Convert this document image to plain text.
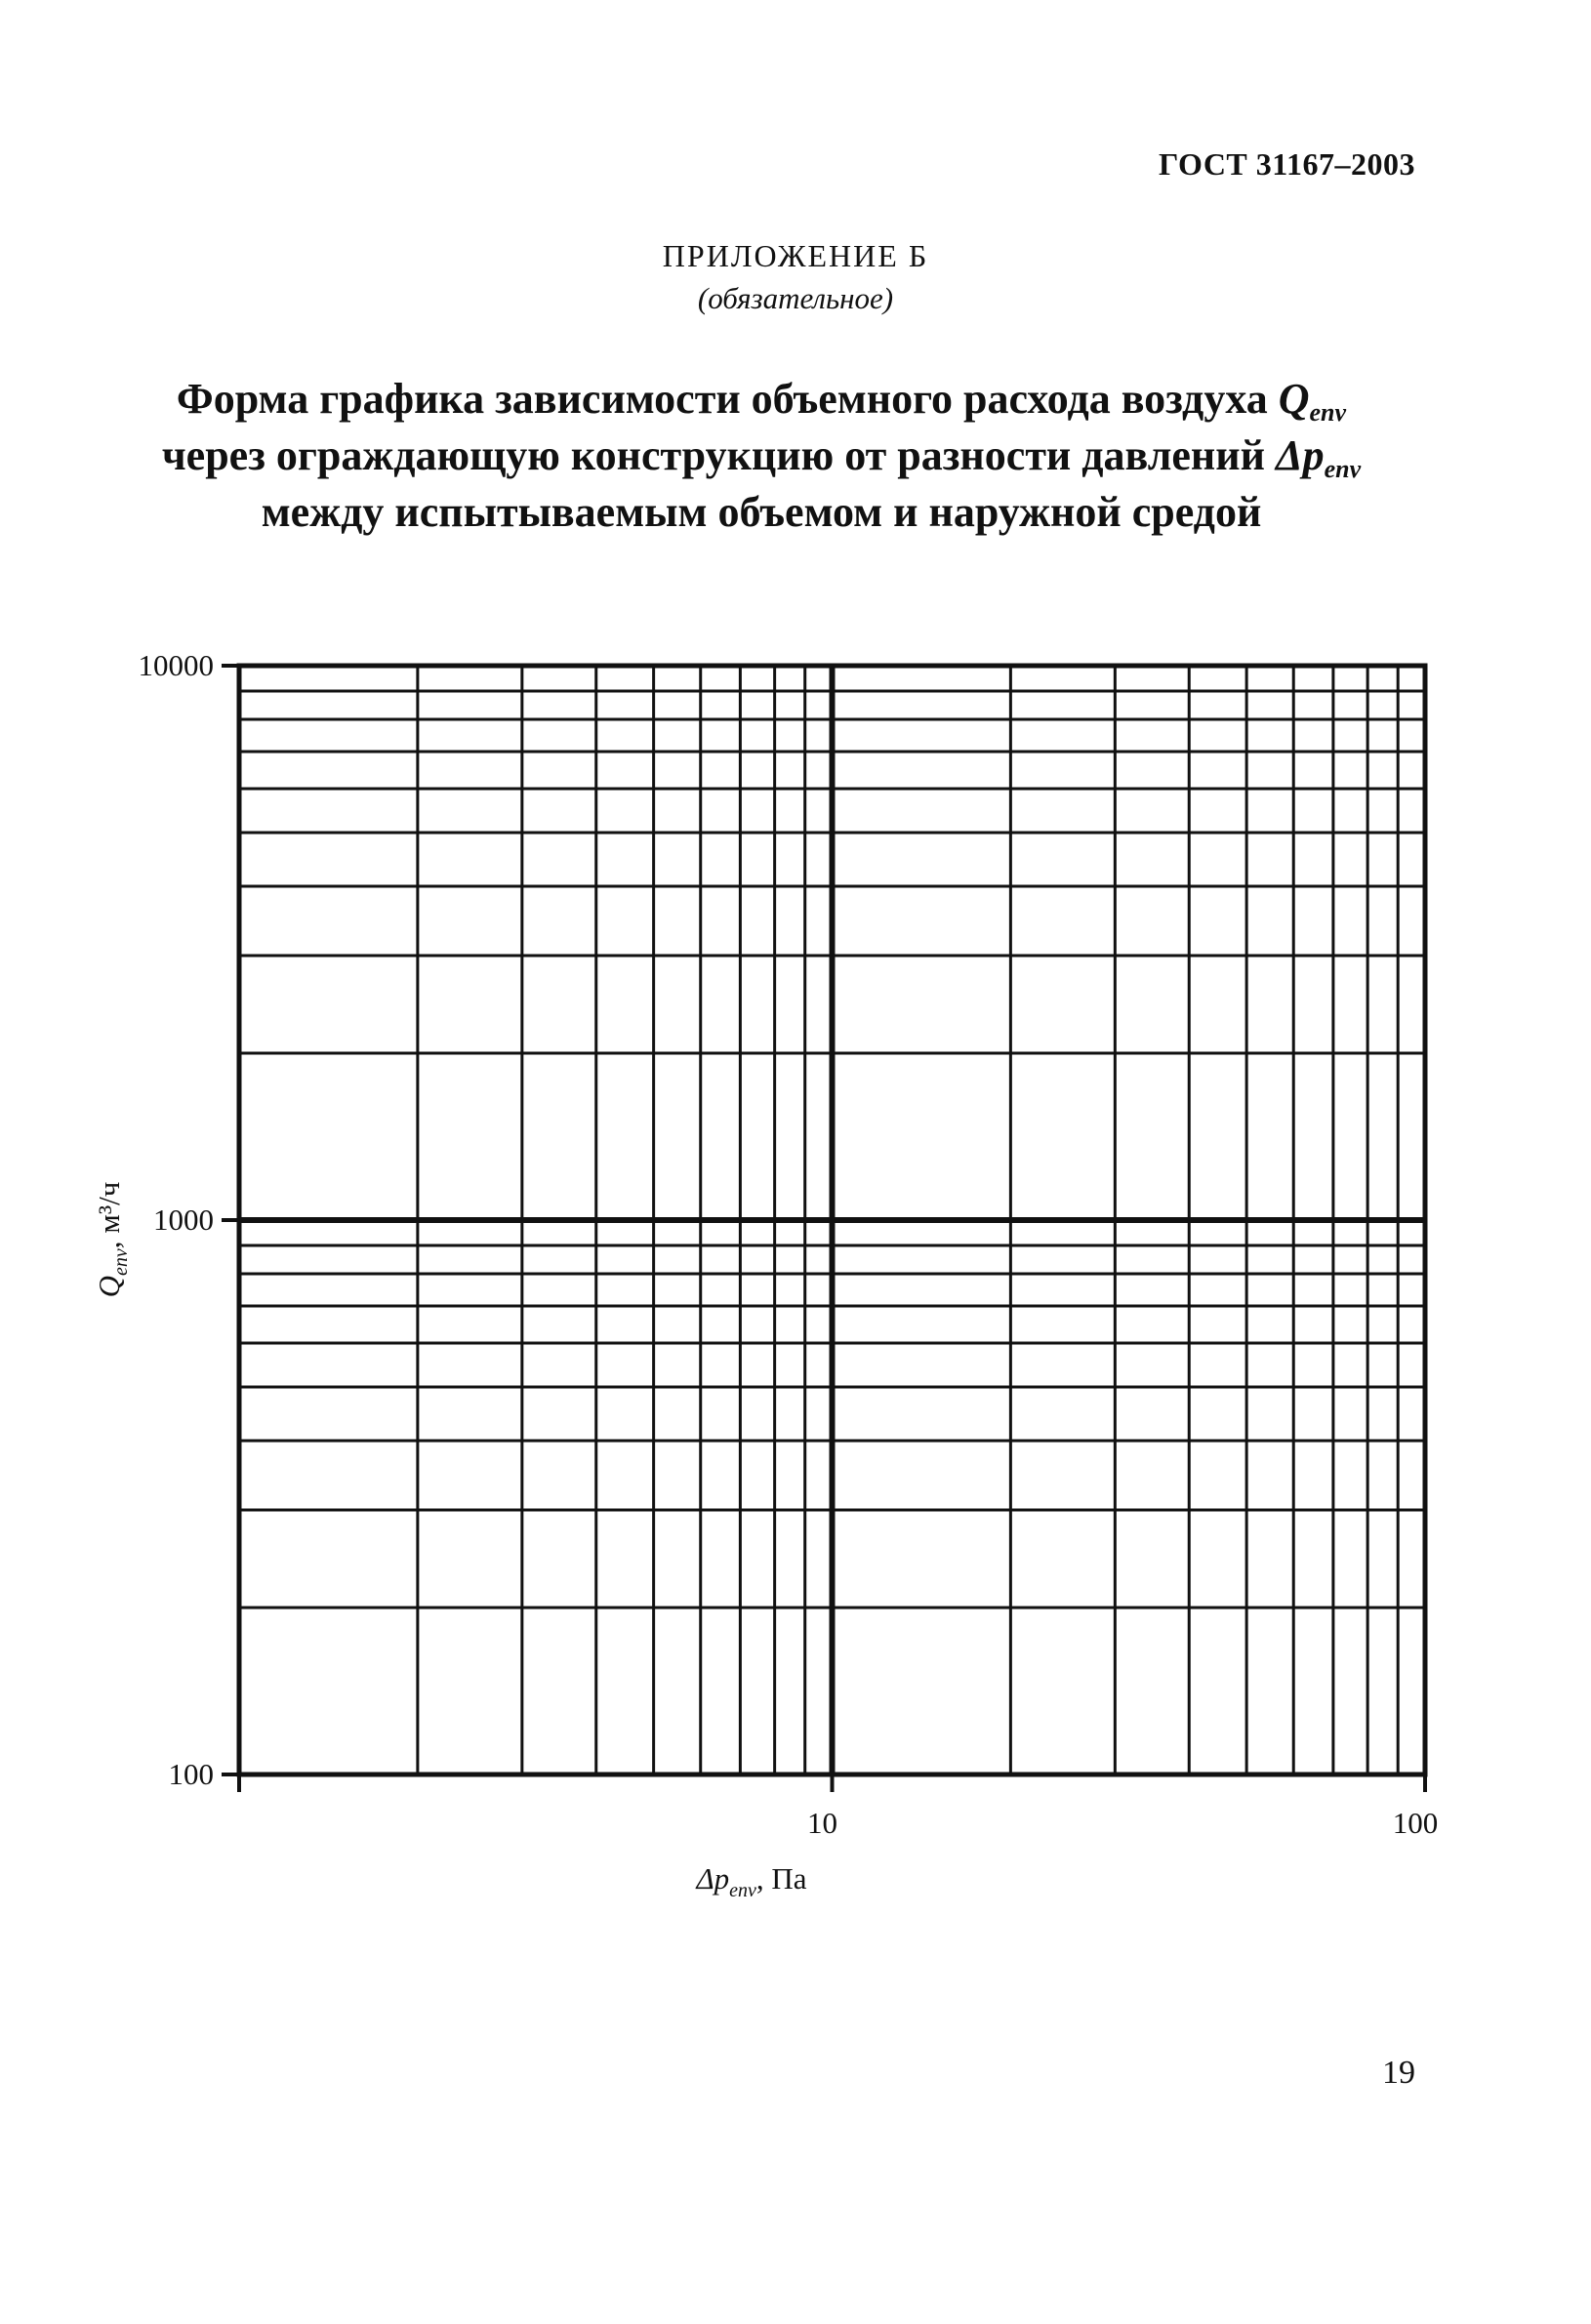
ГОСТ 31167–2003
ПРИЛОЖЕНИЕ Б
(обязательное)
Форма графика зависимости объемного расхода воздуха $Q_{env}$
через ограждающую конструкцию от разности давлений $\Delta p_{env}$
между испытываемым объемом и наружной средой
10000
1000
100
10	100
$Q_{env}$, м³/ч
$\Delta p_{env}$, Па
19
